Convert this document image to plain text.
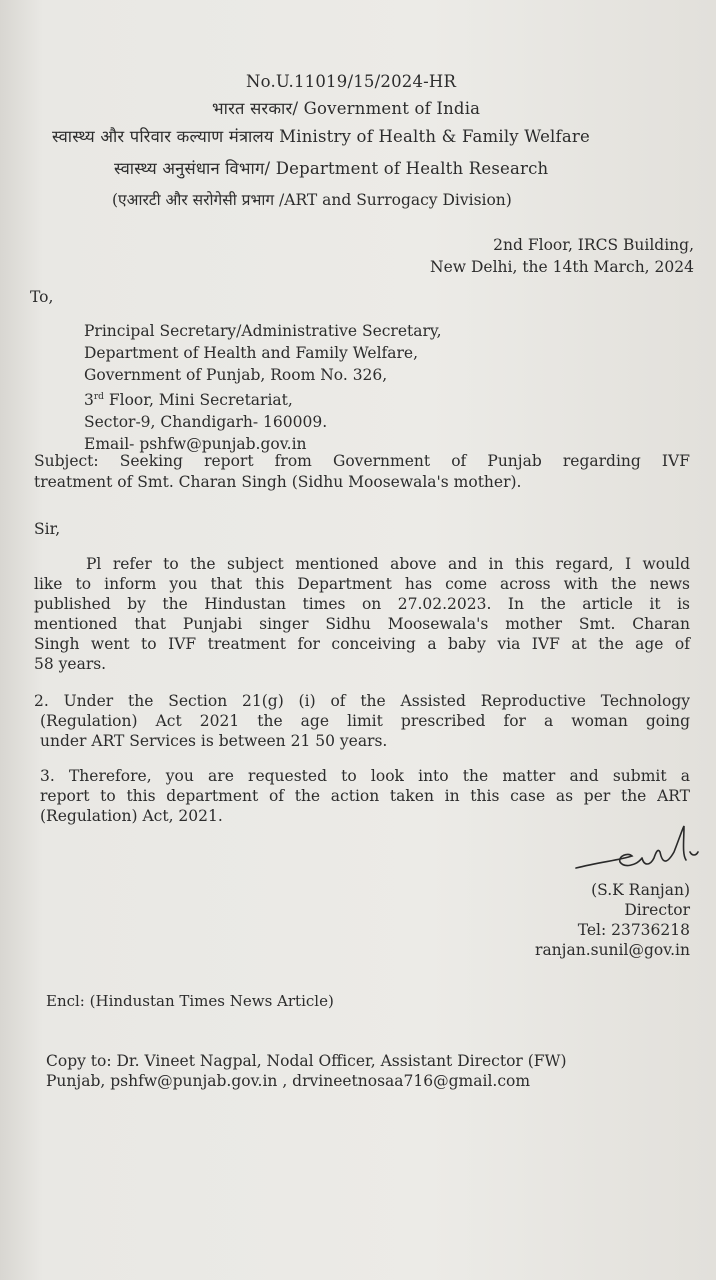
No.U.11019/15/2024-HR
भारत सरकार/ Government of India
स्वास्थ्य और परिवार कल्याण मंत्रालय Ministry of Health & Family Welfare
स्वास्थ्य अनुसंधान विभाग/ Department of Health Research
(एआरटी और सरोगेसी प्रभाग /ART and Surrogacy Division)
2nd Floor, IRCS Building,
New Delhi, the 14th March, 2024
To,
Principal Secretary/Administrative Secretary,
Department of Health and Family Welfare,
Government of Punjab, Room No. 326,
3rd Floor, Mini Secretariat,
Sector-9, Chandigarh- 160009.
Email- pshfw@punjab.gov.in
Subject: Seeking report from Government of Punjab regarding IVF
treatment of Smt. Charan Singh (Sidhu Moosewala's mother).
Sir,
Pl refer to the subject mentioned above and in this regard, I would
like to inform you that this Department has come across with the news
published by the Hindustan times on 27.02.2023. In the article it is
mentioned that Punjabi singer Sidhu Moosewala's mother Smt. Charan
Singh went to IVF treatment for conceiving a baby via IVF at the age of
58 years.
2. Under the Section 21(g) (i) of the Assisted Reproductive Technology
(Regulation) Act 2021 the age limit prescribed for a woman going
under ART Services is between 21 50 years.
3. Therefore, you are requested to look into the matter and submit a
report to this department of the action taken in this case as per the ART
(Regulation) Act, 2021.
(S.K Ranjan)
Director
Tel: 23736218
ranjan.sunil@gov.in
Encl: (Hindustan Times News Article)
Copy to: Dr. Vineet Nagpal, Nodal Officer, Assistant Director (FW)
Punjab, pshfw@punjab.gov.in , drvineetnosaa716@gmail.com
